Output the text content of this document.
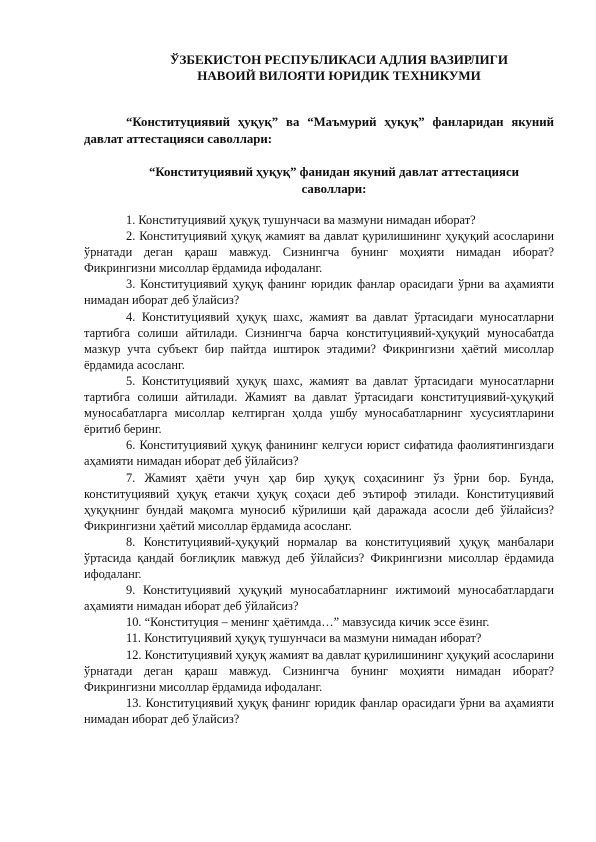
ЎЗБЕКИСТОН РЕСПУБЛИКАСИ АДЛИЯ ВАЗИРЛИГИ
НАВОИЙ ВИЛОЯТИ ЮРИДИК ТЕХНИКУМИ
“Конституциявий ҳуқуқ” ва “Маъмурий ҳуқуқ” фанларидан якуний давлат аттестацияси саволлари:
“Конституциявий ҳуқуқ” фанидан якуний давлат аттестацияси
саволлари:

1. Конституциявий ҳуқуқ тушунчаси ва мазмуни нимадан иборат?

2. Конституциявий ҳуқуқ жамият ва давлат қурилишининг ҳуқуқий асосларини ўрнатади деган қараш мавжуд. Сизнингча бунинг моҳияти нимадан иборат? Фикрингизни мисоллар ёрдамида ифодаланг.

3. Конституциявий ҳуқуқ фанинг юридик фанлар орасидаги ўрни ва аҳамияти нимадан иборат деб ўлайсиз?

4. Конституциявий ҳуқуқ шахс, жамият ва давлат ўртасидаги муносатларни тартибга солиши айтилади. Сизнингча барча конституциявий-ҳуқуқий муносабатда мазкур учта субъект бир пайтда иштирок этадими? Фикрингизни ҳаётий мисоллар ёрдамида асосланг.

5. Конституциявий ҳуқуқ шахс, жамият ва давлат ўртасидаги муносатларни тартибга солиши айтилади. Жамият ва давлат ўртасидаги конституциявий-ҳуқуқий муносабатларга мисоллар келтирган ҳолда ушбу муносабатларнинг хусусиятларини ёритиб беринг.

6. Конституциявий ҳуқуқ фанининг келгуси юрист сифатида фаолиятингиздаги аҳамияти нимадан иборат деб ўйлайсиз?

7. Жамият ҳаёти учун ҳар бир ҳуқуқ соҳасининг ўз ўрни бор. Бунда, конституциявий ҳуқуқ етакчи ҳуқуқ соҳаси деб эътироф этилади. Конституциявий ҳуқуқнинг бундай мақомга муносиб кўрилиши қай даражада асосли деб ўйлайсиз? Фикрингизни ҳаётий мисоллар ёрдамида асосланг.

8. Конституциявий-ҳуқуқий нормалар ва конституциявий ҳуқуқ манбалари ўртасида қандай боғлиқлик мавжуд деб ўйлайсиз? Фикрингизни мисоллар ёрдамида ифодаланг.

9. Конституциявий ҳуқуқий муносабатларнинг ижтимоий муносабатлардаги аҳамияти нимадан иборат деб ўйлайсиз?

10. “Конституция – менинг ҳаётимда…” мавзусида кичик эссе ёзинг.

11. Конституциявий ҳуқуқ тушунчаси ва мазмуни нимадан иборат?

12. Конституциявий ҳуқуқ жамият ва давлат қурилишининг ҳуқуқий асосларини ўрнатади деган қараш мавжуд. Сизнингча бунинг моҳияти нимадан иборат? Фикрингизни мисоллар ёрдамида ифодаланг.

13. Конституциявий ҳуқуқ фанинг юридик фанлар орасидаги ўрни ва аҳамияти нимадан иборат деб ўлайсиз?
